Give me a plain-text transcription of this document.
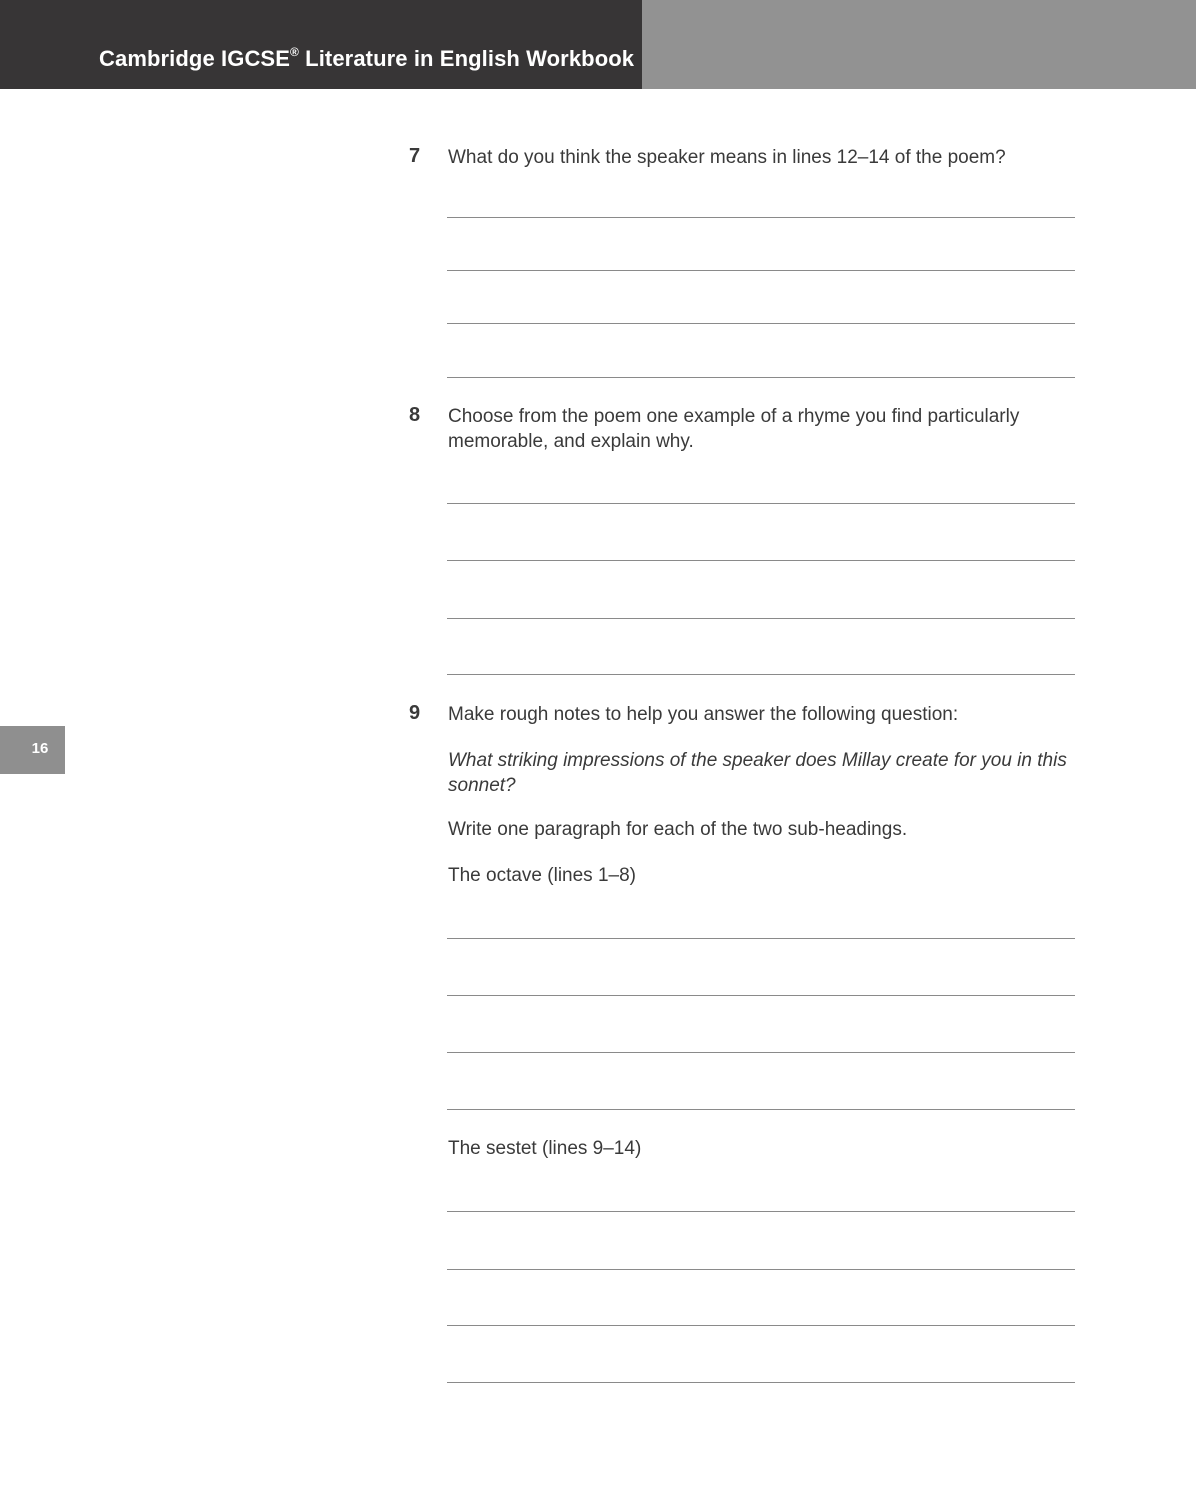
Cambridge IGCSE® Literature in English Workbook
16
7 What do you think the speaker means in lines 12–14 of the poem?
8 Choose from the poem one example of a rhyme you find particularly memorable, and explain why.
9 Make rough notes to help you answer the following question:
What striking impressions of the speaker does Millay create for you in this sonnet?
Write one paragraph for each of the two sub-headings.
The octave (lines 1–8)
The sestet (lines 9–14)
